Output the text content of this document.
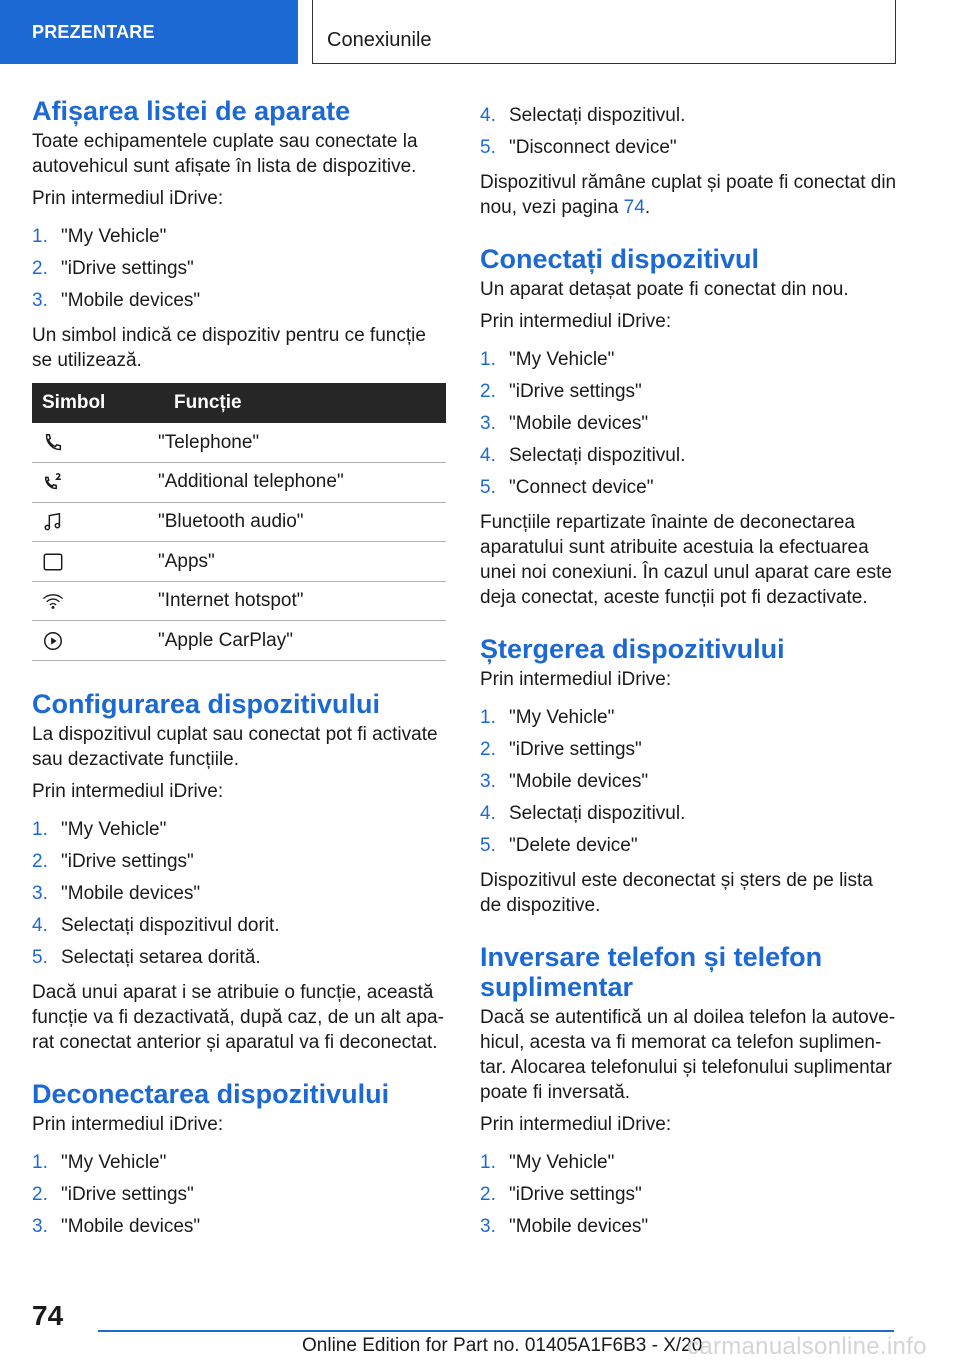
PREZENTARE	Conexiunile
Afișarea listei de aparate

Toate echipamentele cuplate sau conectate la autovehicul sunt afișate în lista de dispozitive.

Prin intermediul iDrive:

1. "My Vehicle"
2. "iDrive settings"
3. "Mobile devices"

Un simbol indică ce dispozitiv pentru ce funcție se utilizează.

Simbol	Funcție

	"Telephone"

	"Additional telephone"

	"Bluetooth audio"

	"Apps"

	"Internet hotspot"

	"Apple CarPlay"
Configurarea dispozitivului

La dispozitivul cuplat sau conectat pot fi activate sau dezactivate funcțiile.

Prin intermediul iDrive:

1. "My Vehicle"
2. "iDrive settings"
3. "Mobile devices"
4. Selectați dispozitivul dorit.
5. Selectați setarea dorită.

Dacă unui aparat i se atribuie o funcție, această funcție va fi dezactivată, după caz, de un alt apa‐ rat conectat anterior și aparatul va fi deconectat.

Deconectarea dispozitivului

Prin intermediul iDrive:

1. "My Vehicle"
2. "iDrive settings"
3. "Mobile devices"
4. Selectați dispozitivul.
5. "Disconnect device"

Dispozitivul rămâne cuplat și poate fi conectat din nou, vezi pagina 74.

Conectați dispozitivul

Un aparat detașat poate fi conectat din nou.

Prin intermediul iDrive:

1. "My Vehicle"
2. "iDrive settings"
3. "Mobile devices"
4. Selectați dispozitivul.
5. "Connect device"

Funcțiile repartizate înainte de deconectarea aparatului sunt atribuite acestuia la efectuarea unei noi conexiuni. În cazul unul aparat care este deja conectat, aceste funcții pot fi dezactivate.

Ștergerea dispozitivului

Prin intermediul iDrive:

1. "My Vehicle"
2. "iDrive settings"
3. "Mobile devices"
4. Selectați dispozitivul.
5. "Delete device"

Dispozitivul este deconectat și șters de pe lista de dispozitive.

Inversare telefon și telefon suplimentar

Dacă se autentifică un al doilea telefon la autove‐ hicul, acesta va fi memorat ca telefon suplimen‐ tar. Alocarea telefonului și telefonului suplimentar poate fi inversată.

Prin intermediul iDrive:

1. "My Vehicle"
2. "iDrive settings"
3. "Mobile devices"
74
Online Edition for Part no. 01405A1F6B3 - X/20
carmanualsonline.info
